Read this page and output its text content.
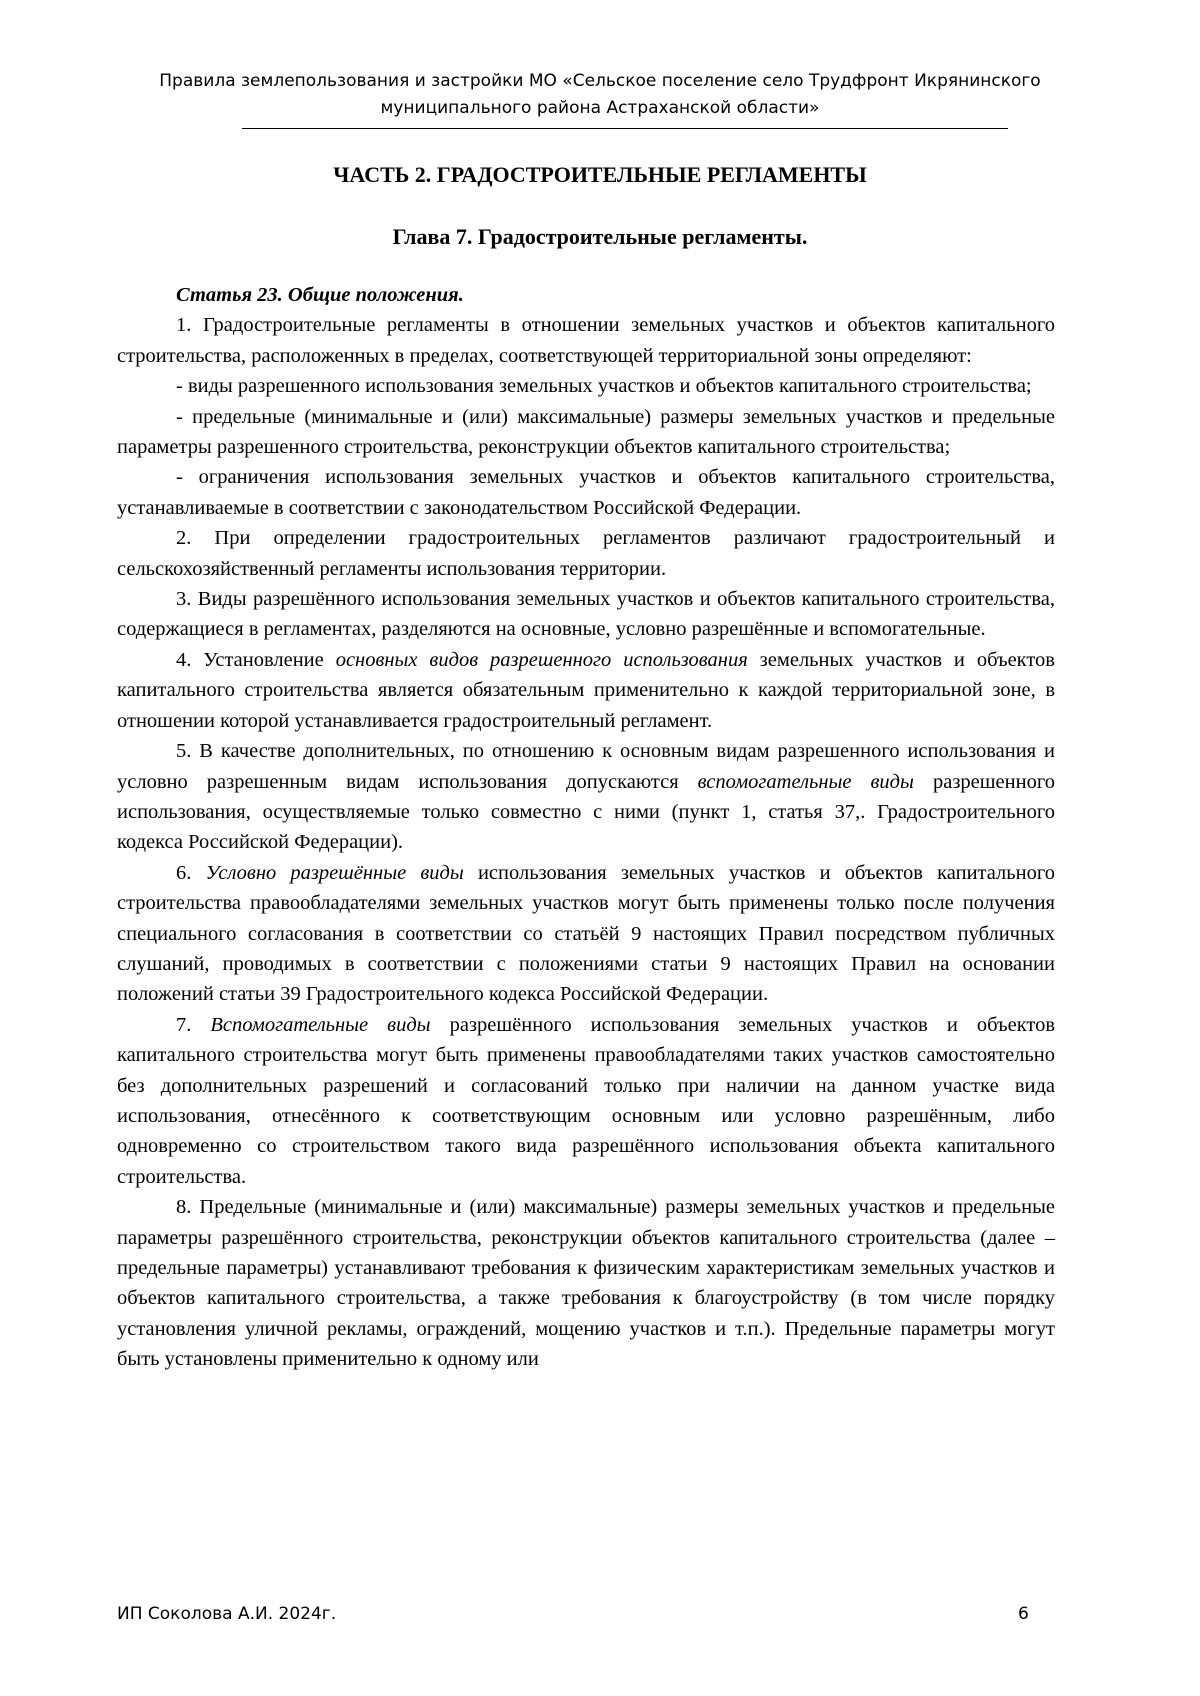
Правила землепользования и застройки МО «Сельское поселение село Трудфронт Икрянинского
муниципального района Астраханской области»
ЧАСТЬ 2. ГРАДОСТРОИТЕЛЬНЫЕ РЕГЛАМЕНТЫ
Глава 7. Градостроительные регламенты.

Статья 23. Общие положения.

1. Градостроительные регламенты в отношении земельных участков и объектов капитального строительства, расположенных в пределах, соответствующей территориальной зоны определяют:

- виды разрешенного использования земельных участков и объектов капитального строительства;

- предельные (минимальные и (или) максимальные) размеры земельных участков и предельные параметры разрешенного строительства, реконструкции объектов капитального строительства;

- ограничения использования земельных участков и объектов капитального строительства, устанавливаемые в соответствии с законодательством Российской Федерации.

2. При определении градостроительных регламентов различают градостроительный и сельскохозяйственный регламенты использования территории.

3. Виды разрешённого использования земельных участков и объектов капитального строительства, содержащиеся в регламентах, разделяются на основные, условно разрешённые и вспомогательные.

4. Установление основных видов разрешенного использования земельных участков и объектов капитального строительства является обязательным применительно к каждой территориальной зоне, в отношении которой устанавливается градостроительный регламент.

5. В качестве дополнительных, по отношению к основным видам разрешенного использования и условно разрешенным видам использования допускаются вспомогательные виды разрешенного использования, осуществляемые только совместно с ними (пункт 1, статья 37,. Градостроительного кодекса Российской Федерации).

6. Условно разрешённые виды использования земельных участков и объектов капитального строительства правообладателями земельных участков могут быть применены только после получения специального согласования в соответствии со статьёй 9 настоящих Правил посредством публичных слушаний, проводимых в соответствии с положениями статьи 9 настоящих Правил на основании положений статьи 39 Градостроительного кодекса Российской Федерации.

7. Вспомогательные виды разрешённого использования земельных участков и объектов капитального строительства могут быть применены правообладателями таких участков самостоятельно без дополнительных разрешений и согласований только при наличии на данном участке вида использования, отнесённого к соответствующим основным или условно разрешённым, либо одновременно со строительством такого вида разрешённого использования объекта капитального строительства.

8. Предельные (минимальные и (или) максимальные) размеры земельных участков и предельные параметры разрешённого строительства, реконструкции объектов капитального строительства (далее – предельные параметры) устанавливают требования к физическим характеристикам земельных участков и объектов капитального строительства, а также требования к благоустройству (в том числе порядку установления уличной рекламы, ограждений, мощению участков и т.п.). Предельные параметры могут быть установлены применительно к одному или

ИП Соколова А.И. 2024г.	6
